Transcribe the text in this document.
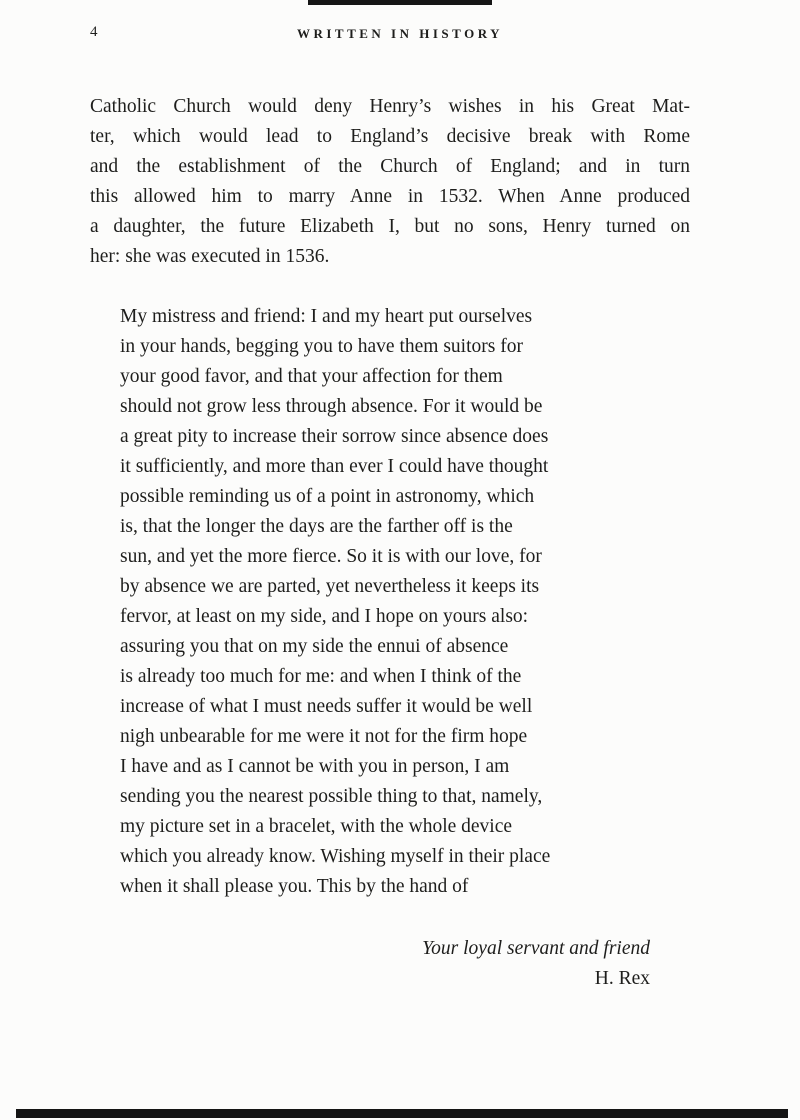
4	WRITTEN IN HISTORY
Catholic Church would deny Henry’s wishes in his Great Mat-
ter, which would lead to England’s decisive break with Rome
and the establishment of the Church of England; and in turn
this allowed him to marry Anne in 1532. When Anne produced
a daughter, the future Elizabeth I, but no sons, Henry turned on
her: she was executed in 1536.
My mistress and friend: I and my heart put ourselves
in your hands, begging you to have them suitors for
your good favor, and that your affection for them
should not grow less through absence. For it would be
a great pity to increase their sorrow since absence does
it sufficiently, and more than ever I could have thought
possible reminding us of a point in astronomy, which
is, that the longer the days are the farther off is the
sun, and yet the more fierce. So it is with our love, for
by absence we are parted, yet nevertheless it keeps its
fervor, at least on my side, and I hope on yours also:
assuring you that on my side the ennui of absence
is already too much for me: and when I think of the
increase of what I must needs suffer it would be well
nigh unbearable for me were it not for the firm hope
I have and as I cannot be with you in person, I am
sending you the nearest possible thing to that, namely,
my picture set in a bracelet, with the whole device
which you already know. Wishing myself in their place
when it shall please you. This by the hand of
Your loyal servant and friend
H. Rex
